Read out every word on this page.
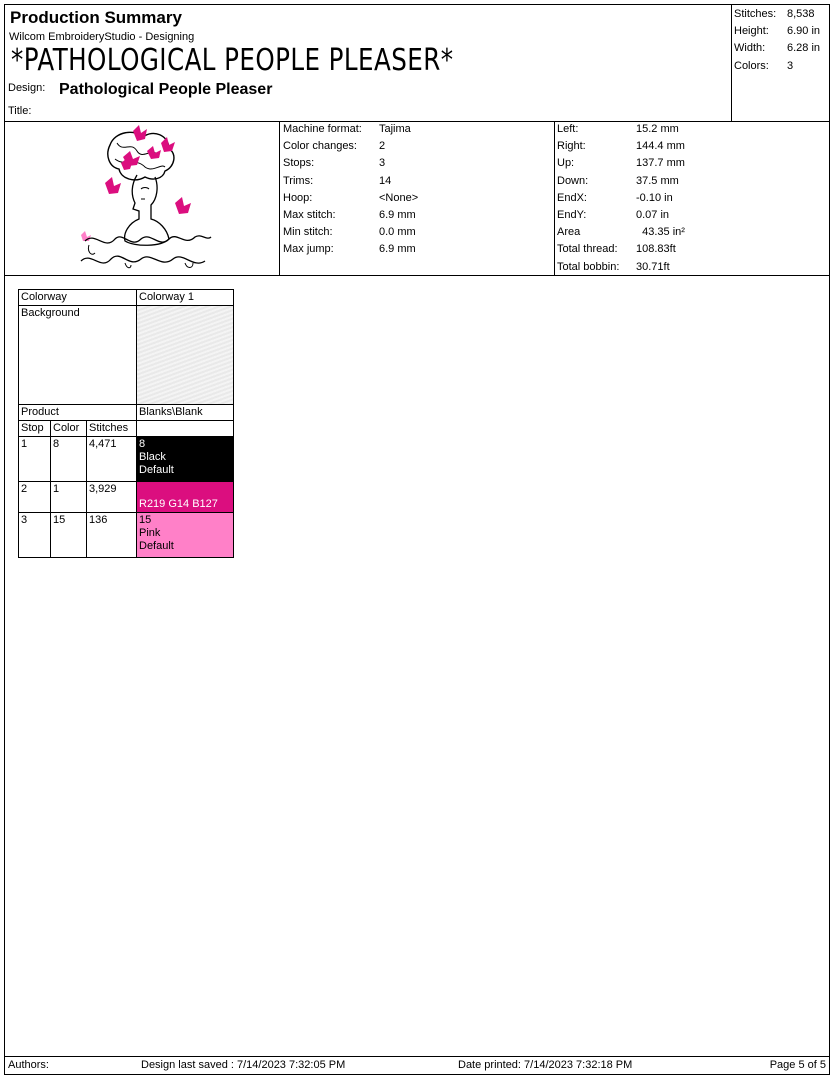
Production Summary
Wilcom EmbroideryStudio - Designing
*PATHOLOGICAL PEOPLE PLEASER*
Design: Pathological People Pleaser
Title:
Stitches: 8,538
Height:	6.90 in
Width:	6.28 in
Colors:	3
Machine format:	Tajima
Color changes:	2
Stops:	3
Trims:	14
Hoop:	<None>
Max stitch:	6.9 mm
Min stitch:	0.0 mm
Max jump:	6.9 mm
Left:	15.2 mm
Right:	144.4 mm
Up:	137.7 mm
Down:	37.5 mm
EndX:	-0.10 in
EndY:	0.07 in
Area	43.35 in²
Total thread:	108.83ft
Total bobbin:	30.71ft
Colorway			Colorway 1
Background			
Product			Blanks\Blank
Stop	Color	Stitches	
1	8	4,471	8
Black
Default

2	1	3,929	R219 G14 B127

3	15	136	15
Pink
Default
Authors:	Design last saved : 7/14/2023 7:32:05 PM	Date printed: 7/14/2023 7:32:18 PM	Page 5 of 5
